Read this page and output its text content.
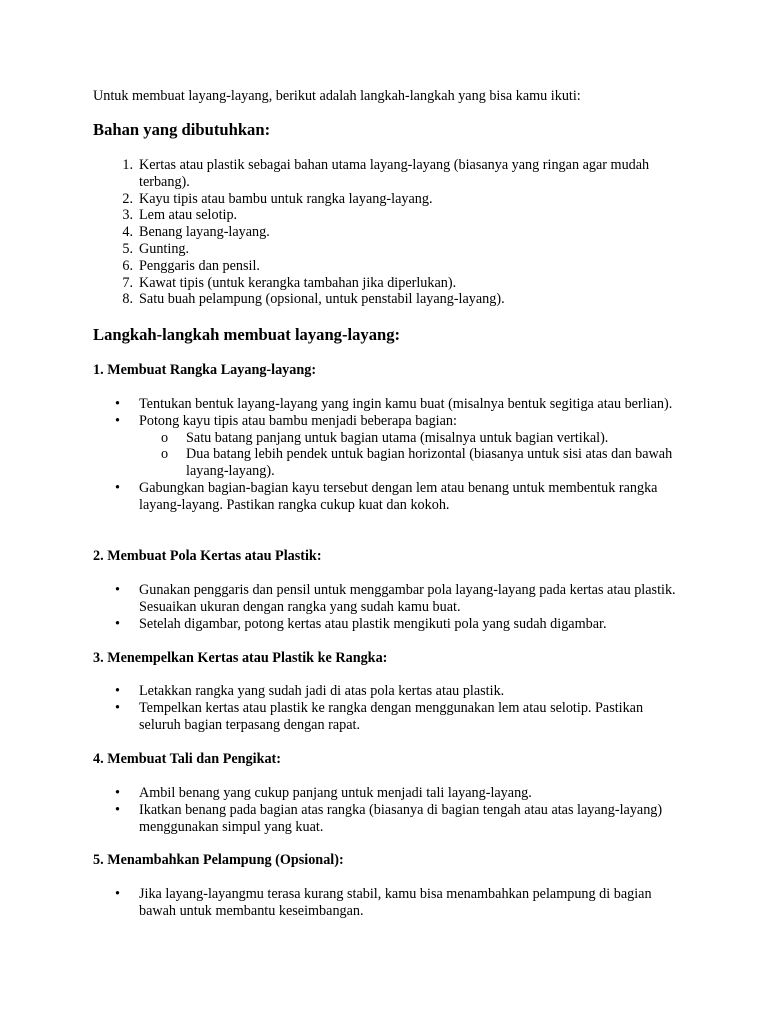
Untuk membuat layang-layang, berikut adalah langkah-langkah yang bisa kamu ikuti:
Bahan yang dibutuhkan:
1. Kertas atau plastik sebagai bahan utama layang-layang (biasanya yang ringan agar mudah terbang).
2. Kayu tipis atau bambu untuk rangka layang-layang.
3. Lem atau selotip.
4. Benang layang-layang.
5. Gunting.
6. Penggaris dan pensil.
7. Kawat tipis (untuk kerangka tambahan jika diperlukan).
8. Satu buah pelampung (opsional, untuk penstabil layang-layang).
Langkah-langkah membuat layang-layang:
1. Membuat Rangka Layang-layang:
• Tentukan bentuk layang-layang yang ingin kamu buat (misalnya bentuk segitiga atau berlian).
• Potong kayu tipis atau bambu menjadi beberapa bagian:
o Satu batang panjang untuk bagian utama (misalnya untuk bagian vertikal).
o Dua batang lebih pendek untuk bagian horizontal (biasanya untuk sisi atas dan bawah layang-layang).
• Gabungkan bagian-bagian kayu tersebut dengan lem atau benang untuk membentuk rangka layang-layang. Pastikan rangka cukup kuat dan kokoh.
2. Membuat Pola Kertas atau Plastik:
• Gunakan penggaris dan pensil untuk menggambar pola layang-layang pada kertas atau plastik. Sesuaikan ukuran dengan rangka yang sudah kamu buat.
• Setelah digambar, potong kertas atau plastik mengikuti pola yang sudah digambar.
3. Menempelkan Kertas atau Plastik ke Rangka:
• Letakkan rangka yang sudah jadi di atas pola kertas atau plastik.
• Tempelkan kertas atau plastik ke rangka dengan menggunakan lem atau selotip. Pastikan seluruh bagian terpasang dengan rapat.
4. Membuat Tali dan Pengikat:
• Ambil benang yang cukup panjang untuk menjadi tali layang-layang.
• Ikatkan benang pada bagian atas rangka (biasanya di bagian tengah atau atas layang-layang) menggunakan simpul yang kuat.
5. Menambahkan Pelampung (Opsional):
• Jika layang-layangmu terasa kurang stabil, kamu bisa menambahkan pelampung di bagian bawah untuk membantu keseimbangan.
